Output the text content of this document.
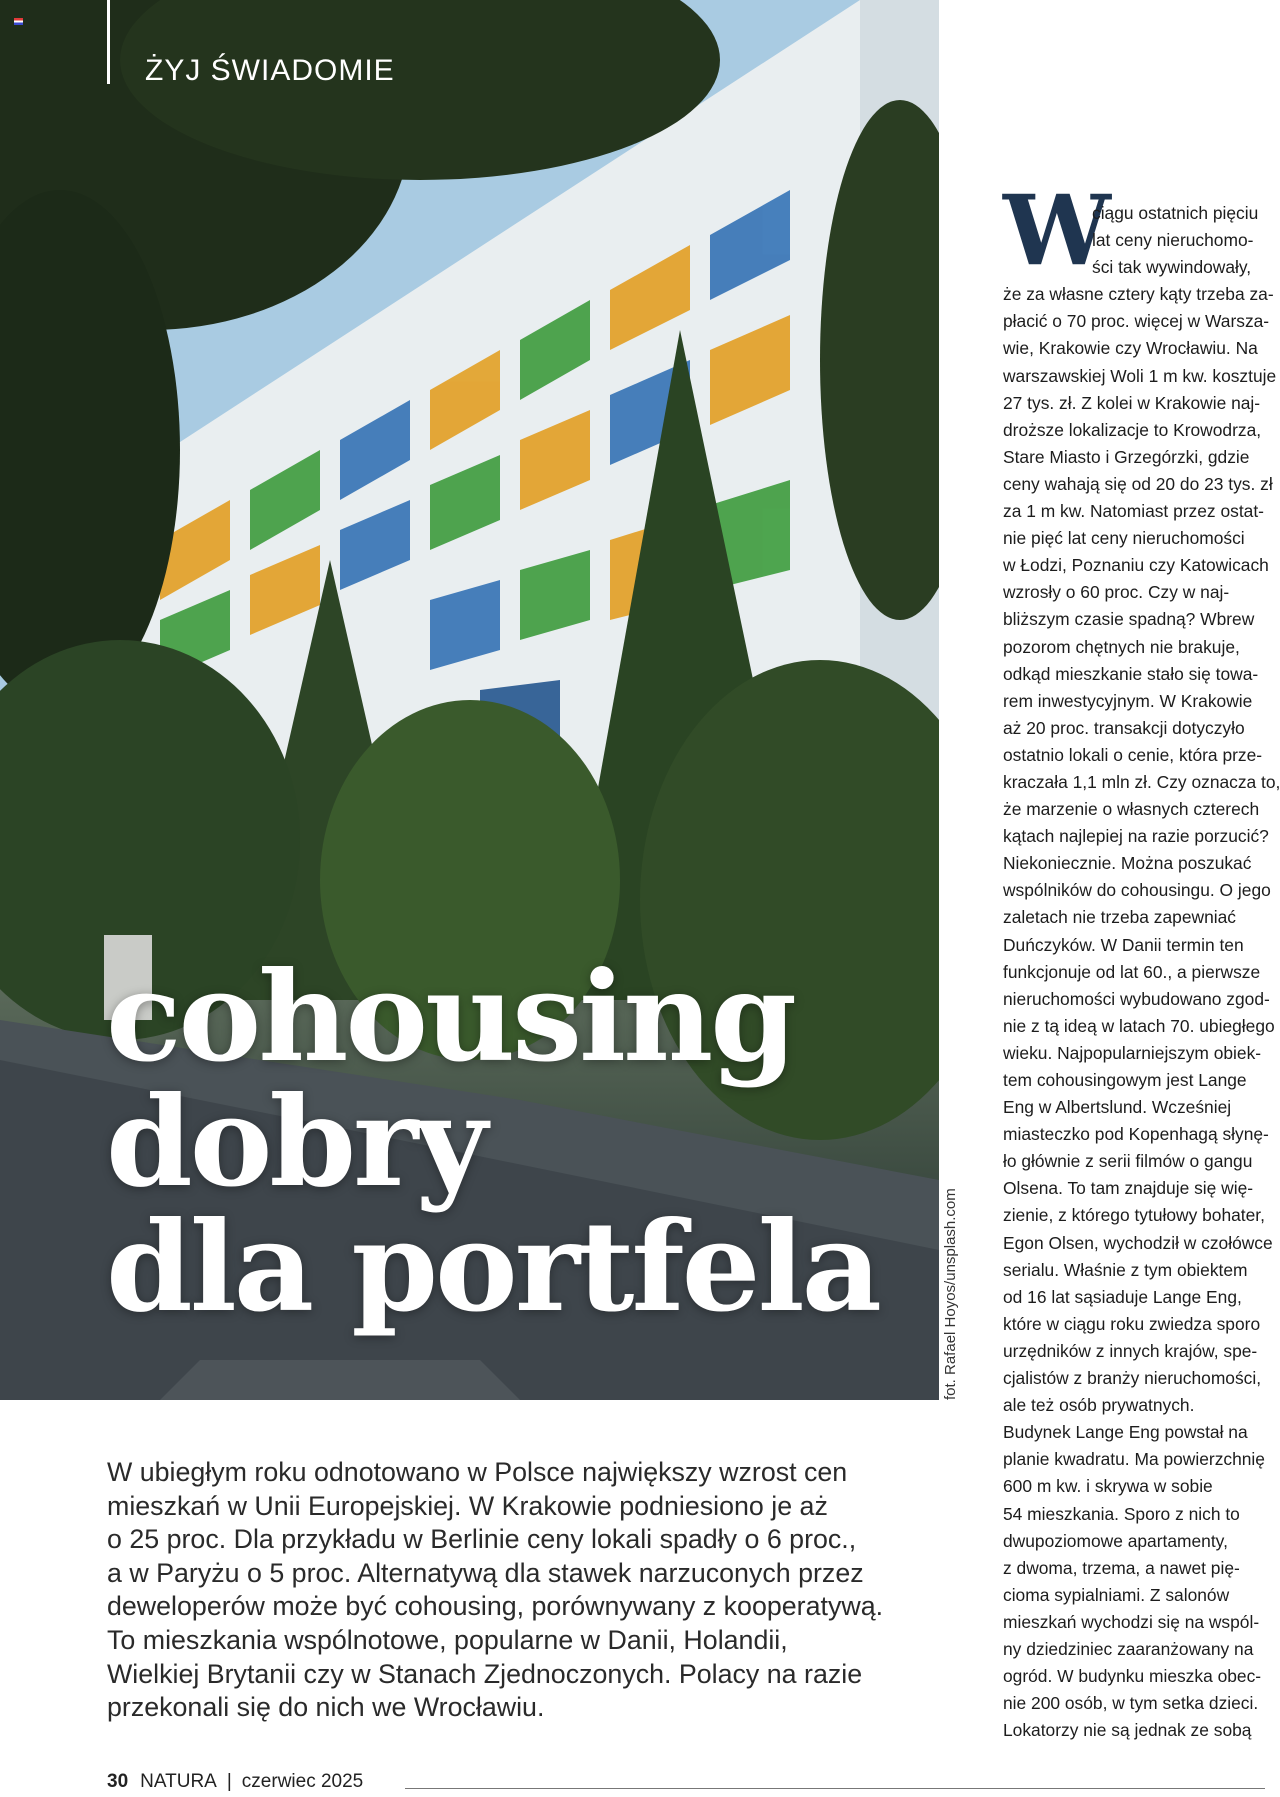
ŻYJ ŚWIADOMIE
cohousing
dobry
dla portfela	fot. Rafael Hoyos/unsplash.com

W ubiegłym roku odnotowano w Polsce największy wzrost cen
mieszkań w Unii Europejskiej. W Krakowie podniesiono je aż
o 25 proc. Dla przykładu w Berlinie ceny lokali spadły o 6 proc.,
a w Paryżu o 5 proc. Alternatywą dla stawek narzuconych przez
deweloperów może być cohousing, porównywany z kooperatywą.
To mieszkania wspólnotowe, popularne w Danii, Holandii,
Wielkiej Brytanii czy w Stanach Zjednoczonych. Polacy na razie
przekonali się do nich we Wrocławiu.

W
ciągu ostatnich pięciu
lat ceny nieruchomo-
ści tak wywindowały,
że za własne cztery kąty trzeba za-
płacić o 70 proc. więcej w Warsza-
wie, Krakowie czy Wrocławiu. Na
warszawskiej Woli 1 m kw. kosztuje
27 tys. zł. Z kolei w Krakowie naj-
droższe lokalizacje to Krowodrza,
Stare Miasto i Grzegórzki, gdzie
ceny wahają się od 20 do 23 tys. zł
za 1 m kw. Natomiast przez ostat-
nie pięć lat ceny nieruchomości
w Łodzi, Poznaniu czy Katowicach
wzrosły o 60 proc. Czy w naj-
bliższym czasie spadną? Wbrew
pozorom chętnych nie brakuje,
odkąd mieszkanie stało się towa-
rem inwestycyjnym. W Krakowie
aż 20 proc. transakcji dotyczyło
ostatnio lokali o cenie, która prze-
kraczała 1,1 mln zł. Czy oznacza to,
że marzenie o własnych czterech
kątach najlepiej na razie porzucić?
Niekoniecznie. Można poszukać
wspólników do cohousingu. O jego
zaletach nie trzeba zapewniać
Duńczyków. W Danii termin ten
funkcjonuje od lat 60., a pierwsze
nieruchomości wybudowano zgod-
nie z tą ideą w latach 70. ubiegłego
wieku. Najpopularniejszym obiek-
tem cohousingowym jest Lange
Eng w Albertslund. Wcześniej
miasteczko pod Kopenhagą słynę-
ło głównie z serii filmów o gangu
Olsena. To tam znajduje się wię-
zienie, z którego tytułowy bohater,
Egon Olsen, wychodził w czołówce
serialu. Właśnie z tym obiektem
od 16 lat sąsiaduje Lange Eng,
które w ciągu roku zwiedza sporo
urzędników z innych krajów, spe-
cjalistów z branży nieruchomości,
ale też osób prywatnych.
Budynek Lange Eng powstał na
planie kwadratu. Ma powierzchnię
600 m kw. i skrywa w sobie
54 mieszkania. Sporo z nich to
dwupoziomowe apartamenty,
z dwoma, trzema, a nawet pię-
cioma sypialniami. Z salonów
mieszkań wychodzi się na wspól-
ny dziedziniec zaaranżowany na
ogród. W budynku mieszka obec-
nie 200 osób, w tym setka dzieci.
Lokatorzy nie są jednak ze sobą
30 NATURA | czerwiec 2025
